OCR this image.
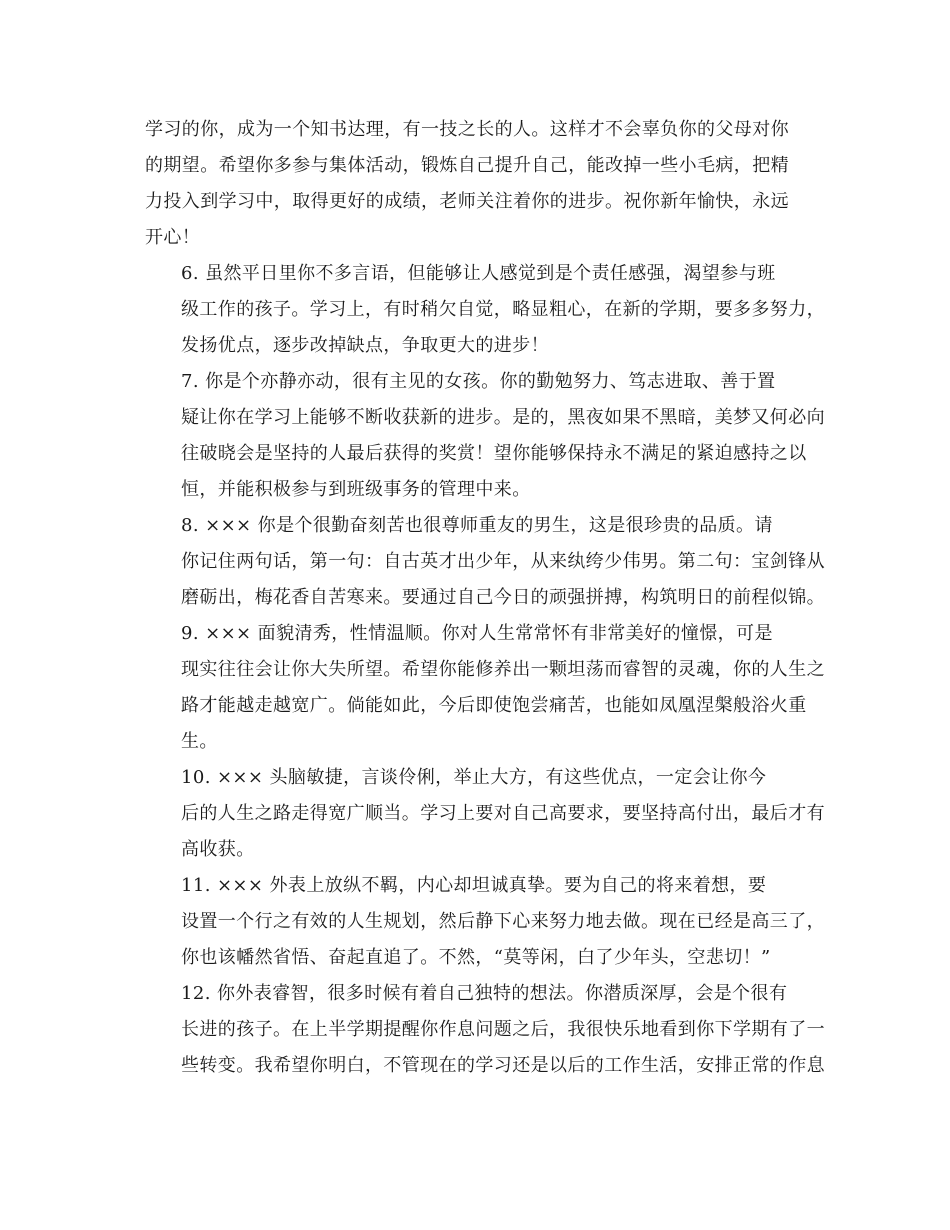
学习的你，成为一个知书达理，有一技之长的人。这样才不会辜负你的父母对你
的期望。希望你多参与集体活动，锻炼自己提升自己，能改掉一些小毛病，把精
力投入到学习中，取得更好的成绩，老师关注着你的进步。祝你新年愉快，永远
开心！

6. 虽然平日里你不多言语，但能够让人感觉到是个责任感强，渴望参与班
级工作的孩子。学习上，有时稍欠自觉，略显粗心，在新的学期，要多多努力，
发扬优点，逐步改掉缺点，争取更大的进步！

7. 你是个亦静亦动，很有主见的女孩。你的勤勉努力、笃志进取、善于置
疑让你在学习上能够不断收获新的进步。是的，黑夜如果不黑暗，美梦又何必向
往破晓会是坚持的人最后获得的奖赏！望你能够保持永不满足的紧迫感持之以
恒，并能积极参与到班级事务的管理中来。

8. ××× 你是个很勤奋刻苦也很尊师重友的男生，这是很珍贵的品质。请
你记住两句话，第一句：自古英才出少年，从来纨绔少伟男。第二句：宝剑锋从
磨砺出，梅花香自苦寒来。要通过自己今日的顽强拼搏，构筑明日的前程似锦。

9. ××× 面貌清秀，性情温顺。你对人生常常怀有非常美好的憧憬，可是
现实往往会让你大失所望。希望你能修养出一颗坦荡而睿智的灵魂，你的人生之
路才能越走越宽广。倘能如此，今后即使饱尝痛苦，也能如凤凰涅槃般浴火重
生。

10. ××× 头脑敏捷，言谈伶俐，举止大方，有这些优点，一定会让你今
后的人生之路走得宽广顺当。学习上要对自己高要求，要坚持高付出，最后才有
高收获。

11. ××× 外表上放纵不羁，内心却坦诚真挚。要为自己的将来着想，要
设置一个行之有效的人生规划，然后静下心来努力地去做。现在已经是高三了，
你也该幡然省悟、奋起直追了。不然，“莫等闲，白了少年头，空悲切！”

12. 你外表睿智，很多时候有着自己独特的想法。你潜质深厚，会是个很有
长进的孩子。在上半学期提醒你作息问题之后，我很快乐地看到你下学期有了一
些转变。我希望你明白，不管现在的学习还是以后的工作生活，安排正常的作息
